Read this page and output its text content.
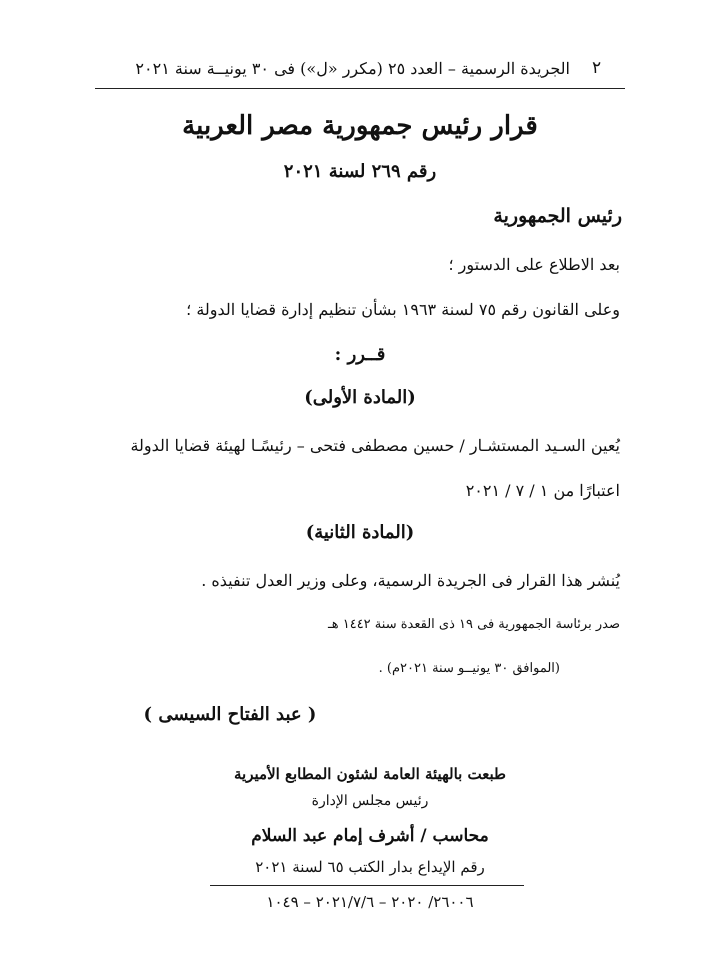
٢
الجريدة الرسمية – العدد ٢٥ (مكرر «ل») فى ٣٠ يونيــة سنة ٢٠٢١
قرار رئيس جمهورية مصر العربية
رقم ٢٦٩ لسنة ٢٠٢١
رئيس الجمهورية
بعد الاطلاع على الدستور ؛
وعلى القانون رقم ٧٥ لسنة ١٩٦٣ بشأن تنظيم إدارة قضايا الدولة ؛
قــرر :
(المادة الأولى)
يُعين السـيد المستشـار / حسين مصطفى فتحى – رئيسًـا لهيئة قضايا الدولة
اعتبارًا من ١ / ٧ / ٢٠٢١
(المادة الثانية)
يُنشر هذا القرار فى الجريدة الرسمية، وعلى وزير العدل تنفيذه .
صدر برئاسة الجمهورية فى ١٩ ذى القعدة سنة ١٤٤٢ هـ
(الموافق ٣٠ يونيــو سنة ٢٠٢١م) .
( عبد الفتاح السيسى )
طبعت بالهيئة العامة لشئون المطابع الأميرية
رئيس مجلس الإدارة
محاسب / أشرف إمام عبد السلام
رقم الإيداع بدار الكتب ٦٥ لسنة ٢٠٢١
٢٦٠٠٦/ ٢٠٢٠ – ٢٠٢١/٧/٦ – ١٠٤٩
